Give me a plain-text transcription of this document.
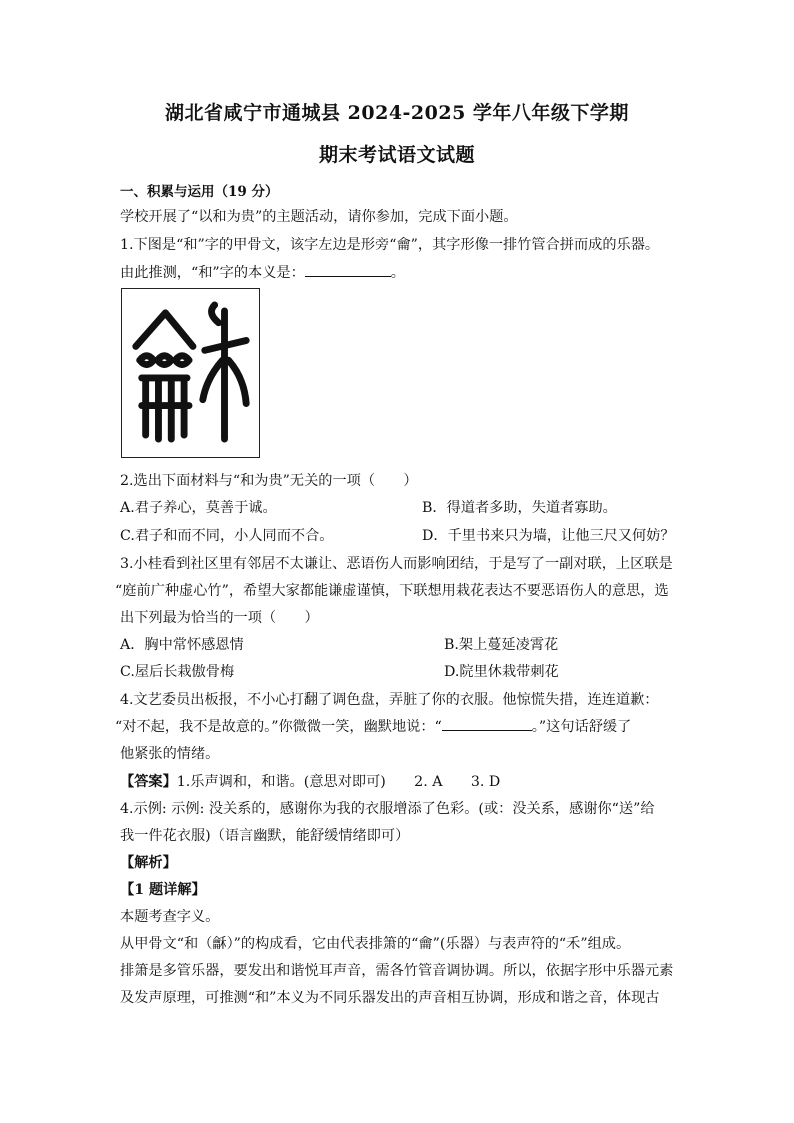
湖北省咸宁市通城县 2024-2025 学年八年级下学期
期末考试语文试题
一、积累与运用（19 分）
学校开展了“以和为贵”的主题活动，请你参加，完成下面小题。
1.下图是“和”字的甲骨文，该字左边是形旁“龠”，其字形像一排竹管合拼而成的乐器。
由此推测，“和”字的本义是：	。
2.选出下面材料与“和为贵”无关的一项（　　）
A.君子养心，莫善于诚。	B．得道者多助，失道者寡助。
C.君子和而不同，小人同而不合。	D．千里书来只为墙，让他三尺又何妨？
3.小桂看到社区里有邻居不太谦让、恶语伤人而影响团结，于是写了一副对联，上区联是
“庭前广种虚心竹”，希望大家都能谦虚谨慎，下联想用栽花表达不要恶语伤人的意思，选
出下列最为恰当的一项（　　）
A．胸中常怀感恩情	B.架上蔓延凌霄花
C.屋后长栽傲骨梅	D.院里休栽带刺花
4.文艺委员出板报，不小心打翻了调色盘，弄脏了你的衣服。他惊慌失措，连连道歉：
“对不起，我不是故意的。”你微微一笑，幽默地说：“	。”这句话舒缓了
他紧张的情绪。
【答案】1.乐声调和，和谐。(意思对即可)　　2. A　　3. D
4.示例: 示例: 没关系的，感谢你为我的衣服增添了色彩。(或：没关系，感谢你“送”给
我一件花衣服)（语言幽默，能舒缓情绪即可）
【解析】
【1 题详解】
本题考查字义。
从甲骨文“和（龢）”的构成看，它由代表排箫的“龠”(乐器）与表声符的“禾”组成。
排箫是多管乐器，要发出和谐悦耳声音，需各竹管音调协调。所以，依据字形中乐器元素
及发声原理，可推测“和”本义为不同乐器发出的声音相互协调，形成和谐之音，体现古
